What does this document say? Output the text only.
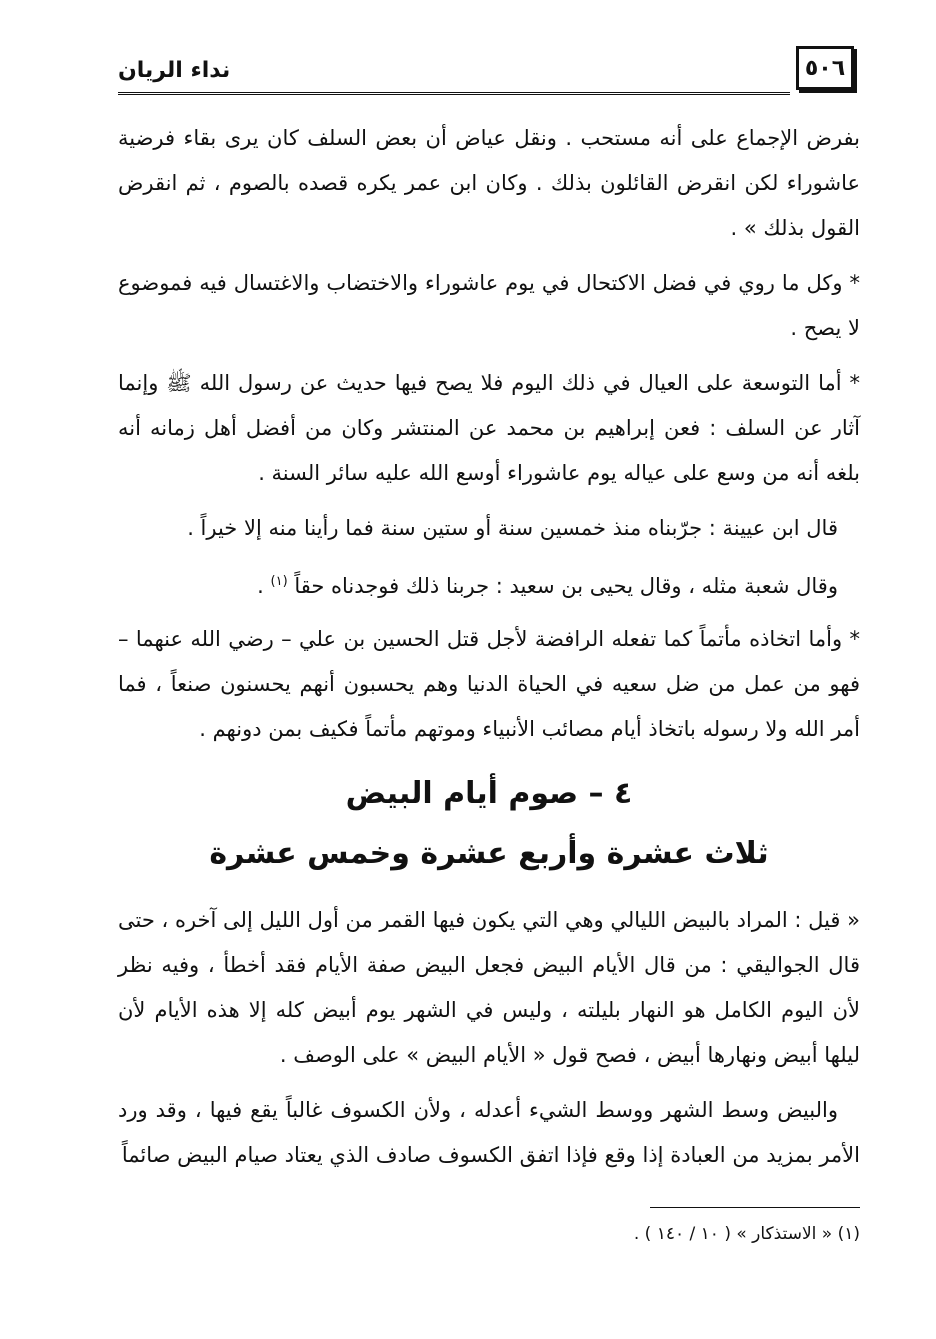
٥٠٦
نداء الريان

بفرض الإجماع على أنه مستحب . ونقل عياض أن بعض السلف كان يرى بقاء فرضية عاشوراء لكن انقرض القائلون بذلك . وكان ابن عمر يكره قصده بالصوم ، ثم انقرض القول بذلك » .

* وكل ما روي في فضل الاكتحال في يوم عاشوراء والاختضاب والاغتسال فيه فموضوع لا يصح .

* أما التوسعة على العيال في ذلك اليوم فلا يصح فيها حديث عن رسول الله ﷺ وإنما آثار عن السلف : فعن إبراهيم بن محمد عن المنتشر وكان من أفضل أهل زمانه أنه بلغه أنه من وسع على عياله يوم عاشوراء أوسع الله عليه سائر السنة .

قال ابن عيينة : جرّبناه منذ خمسين سنة أو ستين سنة فما رأينا منه إلا خيراً .

وقال شعبة مثله ، وقال يحيى بن سعيد : جربنا ذلك فوجدناه حقاً $^{(١)}$ .

* وأما اتخاذه مأتماً كما تفعله الرافضة لأجل قتل الحسين بن علي – رضي الله عنهما – فهو من عمل من ضل سعيه في الحياة الدنيا وهم يحسبون أنهم يحسنون صنعاً ، فما أمر الله ولا رسوله باتخاذ أيام مصائب الأنبياء وموتهم مأتماً فكيف بمن دونهم .

٤ – صوم أيام البيض
ثلاث عشرة وأربع عشرة وخمس عشرة

« قيل : المراد بالبيض الليالي وهي التي يكون فيها القمر من أول الليل إلى آخره ، حتى قال الجواليقي : من قال الأيام البيض فجعل البيض صفة الأيام فقد أخطأ ، وفيه نظر لأن اليوم الكامل هو النهار بليلته ، وليس في الشهر يوم أبيض كله إلا هذه الأيام لأن ليلها أبيض ونهارها أبيض ، فصح قول « الأيام البيض » على الوصف .

والبيض وسط الشهر ووسط الشيء أعدله ، ولأن الكسوف غالباً يقع فيها ، وقد ورد الأمر بمزيد من العبادة إذا وقع فإذا اتفق الكسوف صادف الذي يعتاد صيام البيض صائماً

(١) « الاستذكار » ( ١٠ / ١٤٠ ) .
